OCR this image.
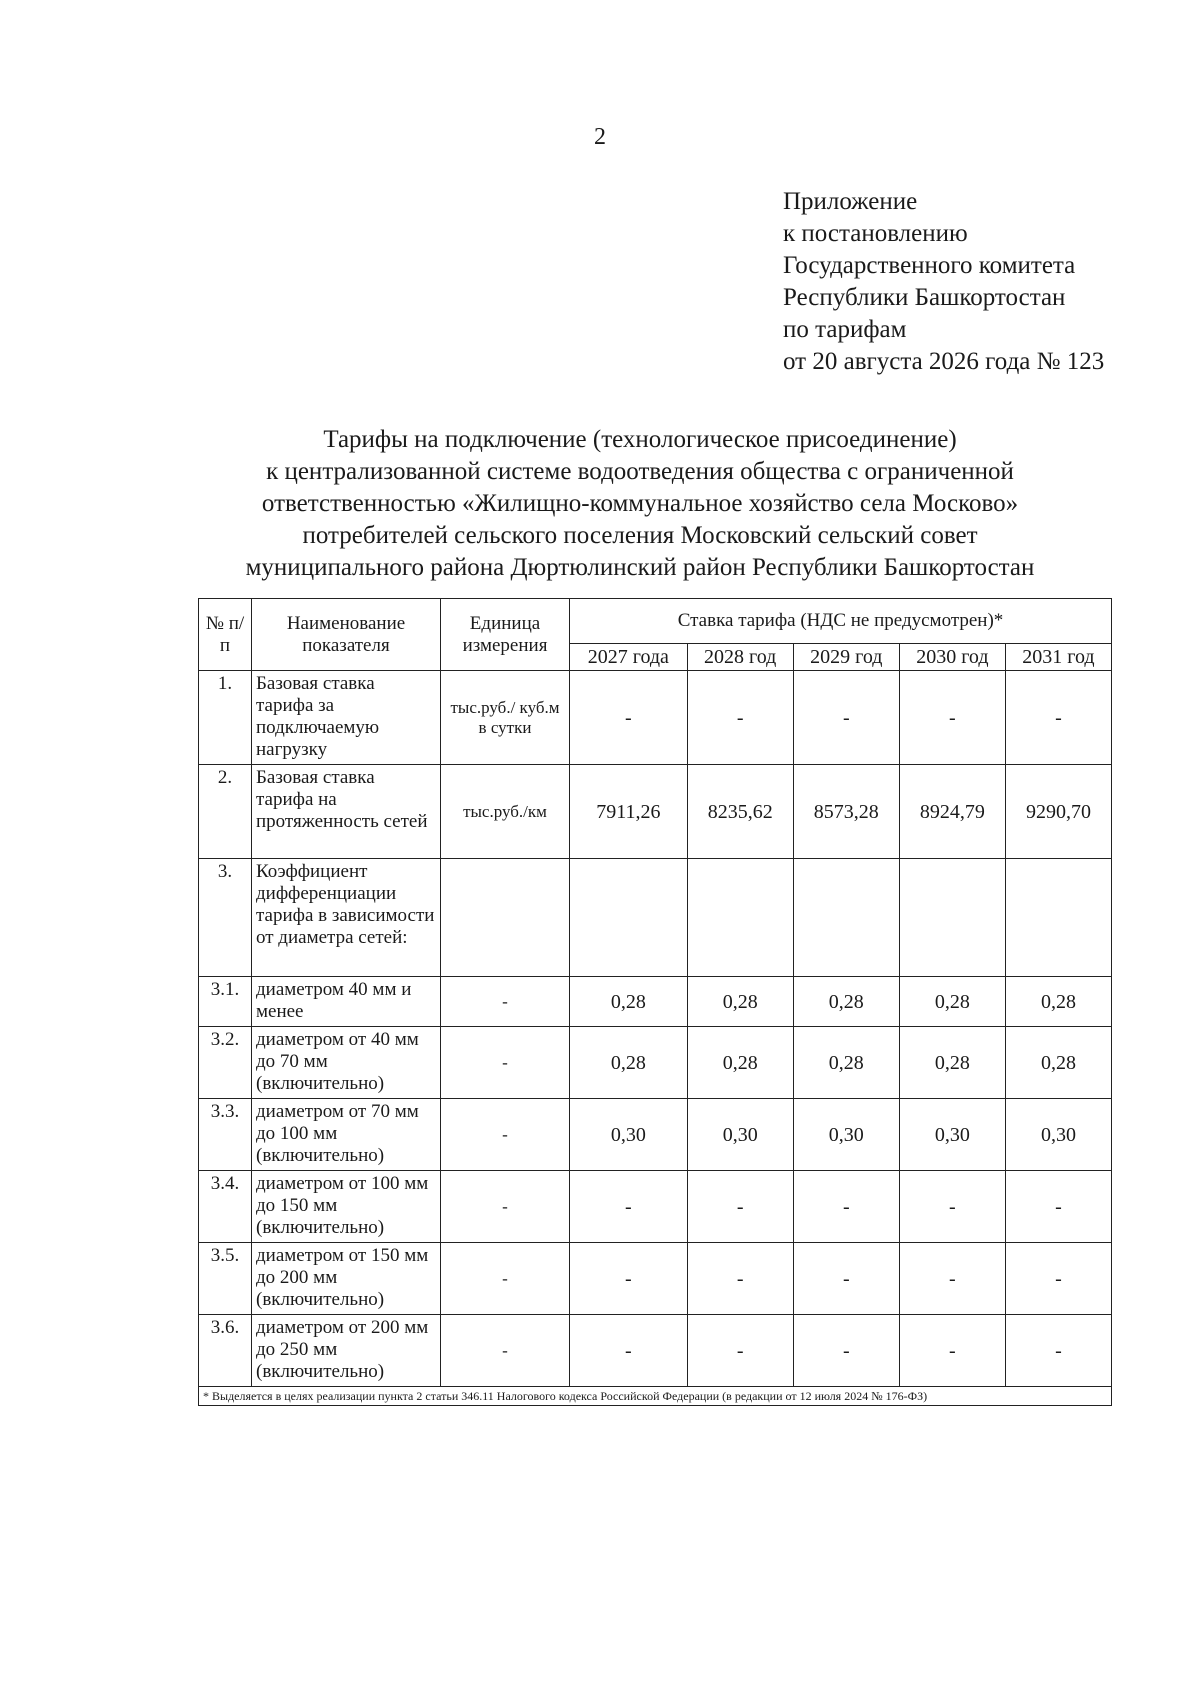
2
Приложение
к постановлению
Государственного комитета
Республики Башкортостан
по тарифам
от 20 августа 2026 года № 123
Тарифы на подключение (технологическое присоединение)
к централизованной системе водоотведения общества с ограниченной
ответственностью «Жилищно-коммунальное хозяйство села Москово»
потребителей сельского поселения Московский сельский совет
муниципального района Дюртюлинский район Республики Башкортостан
№ п/п	Наименование показателя	Единица измерения	Ставка тарифа (НДС не предусмотрен)*				
			2027 года	2028 год	2029 год	2030 год	2031 год
1.	Базовая ставка тарифа за подключаемую нагрузку	тыс.руб./ куб.м в сутки	-	-	-	-	-
2.	Базовая ставка тарифа на протяженность сетей	тыс.руб./км	7911,26	8235,62	8573,28	8924,79	9290,70
3.	Коэффициент дифференциации тарифа в зависимости от диаметра сетей:						
3.1.	диаметром 40 мм и менее	-	0,28	0,28	0,28	0,28	0,28
3.2.	диаметром от 40 мм до 70 мм (включительно)	-	0,28	0,28	0,28	0,28	0,28
3.3.	диаметром от 70 мм до 100 мм (включительно)	-	0,30	0,30	0,30	0,30	0,30
3.4.	диаметром от 100 мм до 150 мм (включительно)	-	-	-	-	-	-
3.5.	диаметром от 150 мм до 200 мм (включительно)	-	-	-	-	-	-
3.6.	диаметром от 200 мм до 250 мм (включительно)	-	-	-	-	-	-
* Выделяется в целях реализации пункта 2 статьи 346.11 Налогового кодекса Российской Федерации (в редакции от 12 июля 2024 № 176-ФЗ)							
